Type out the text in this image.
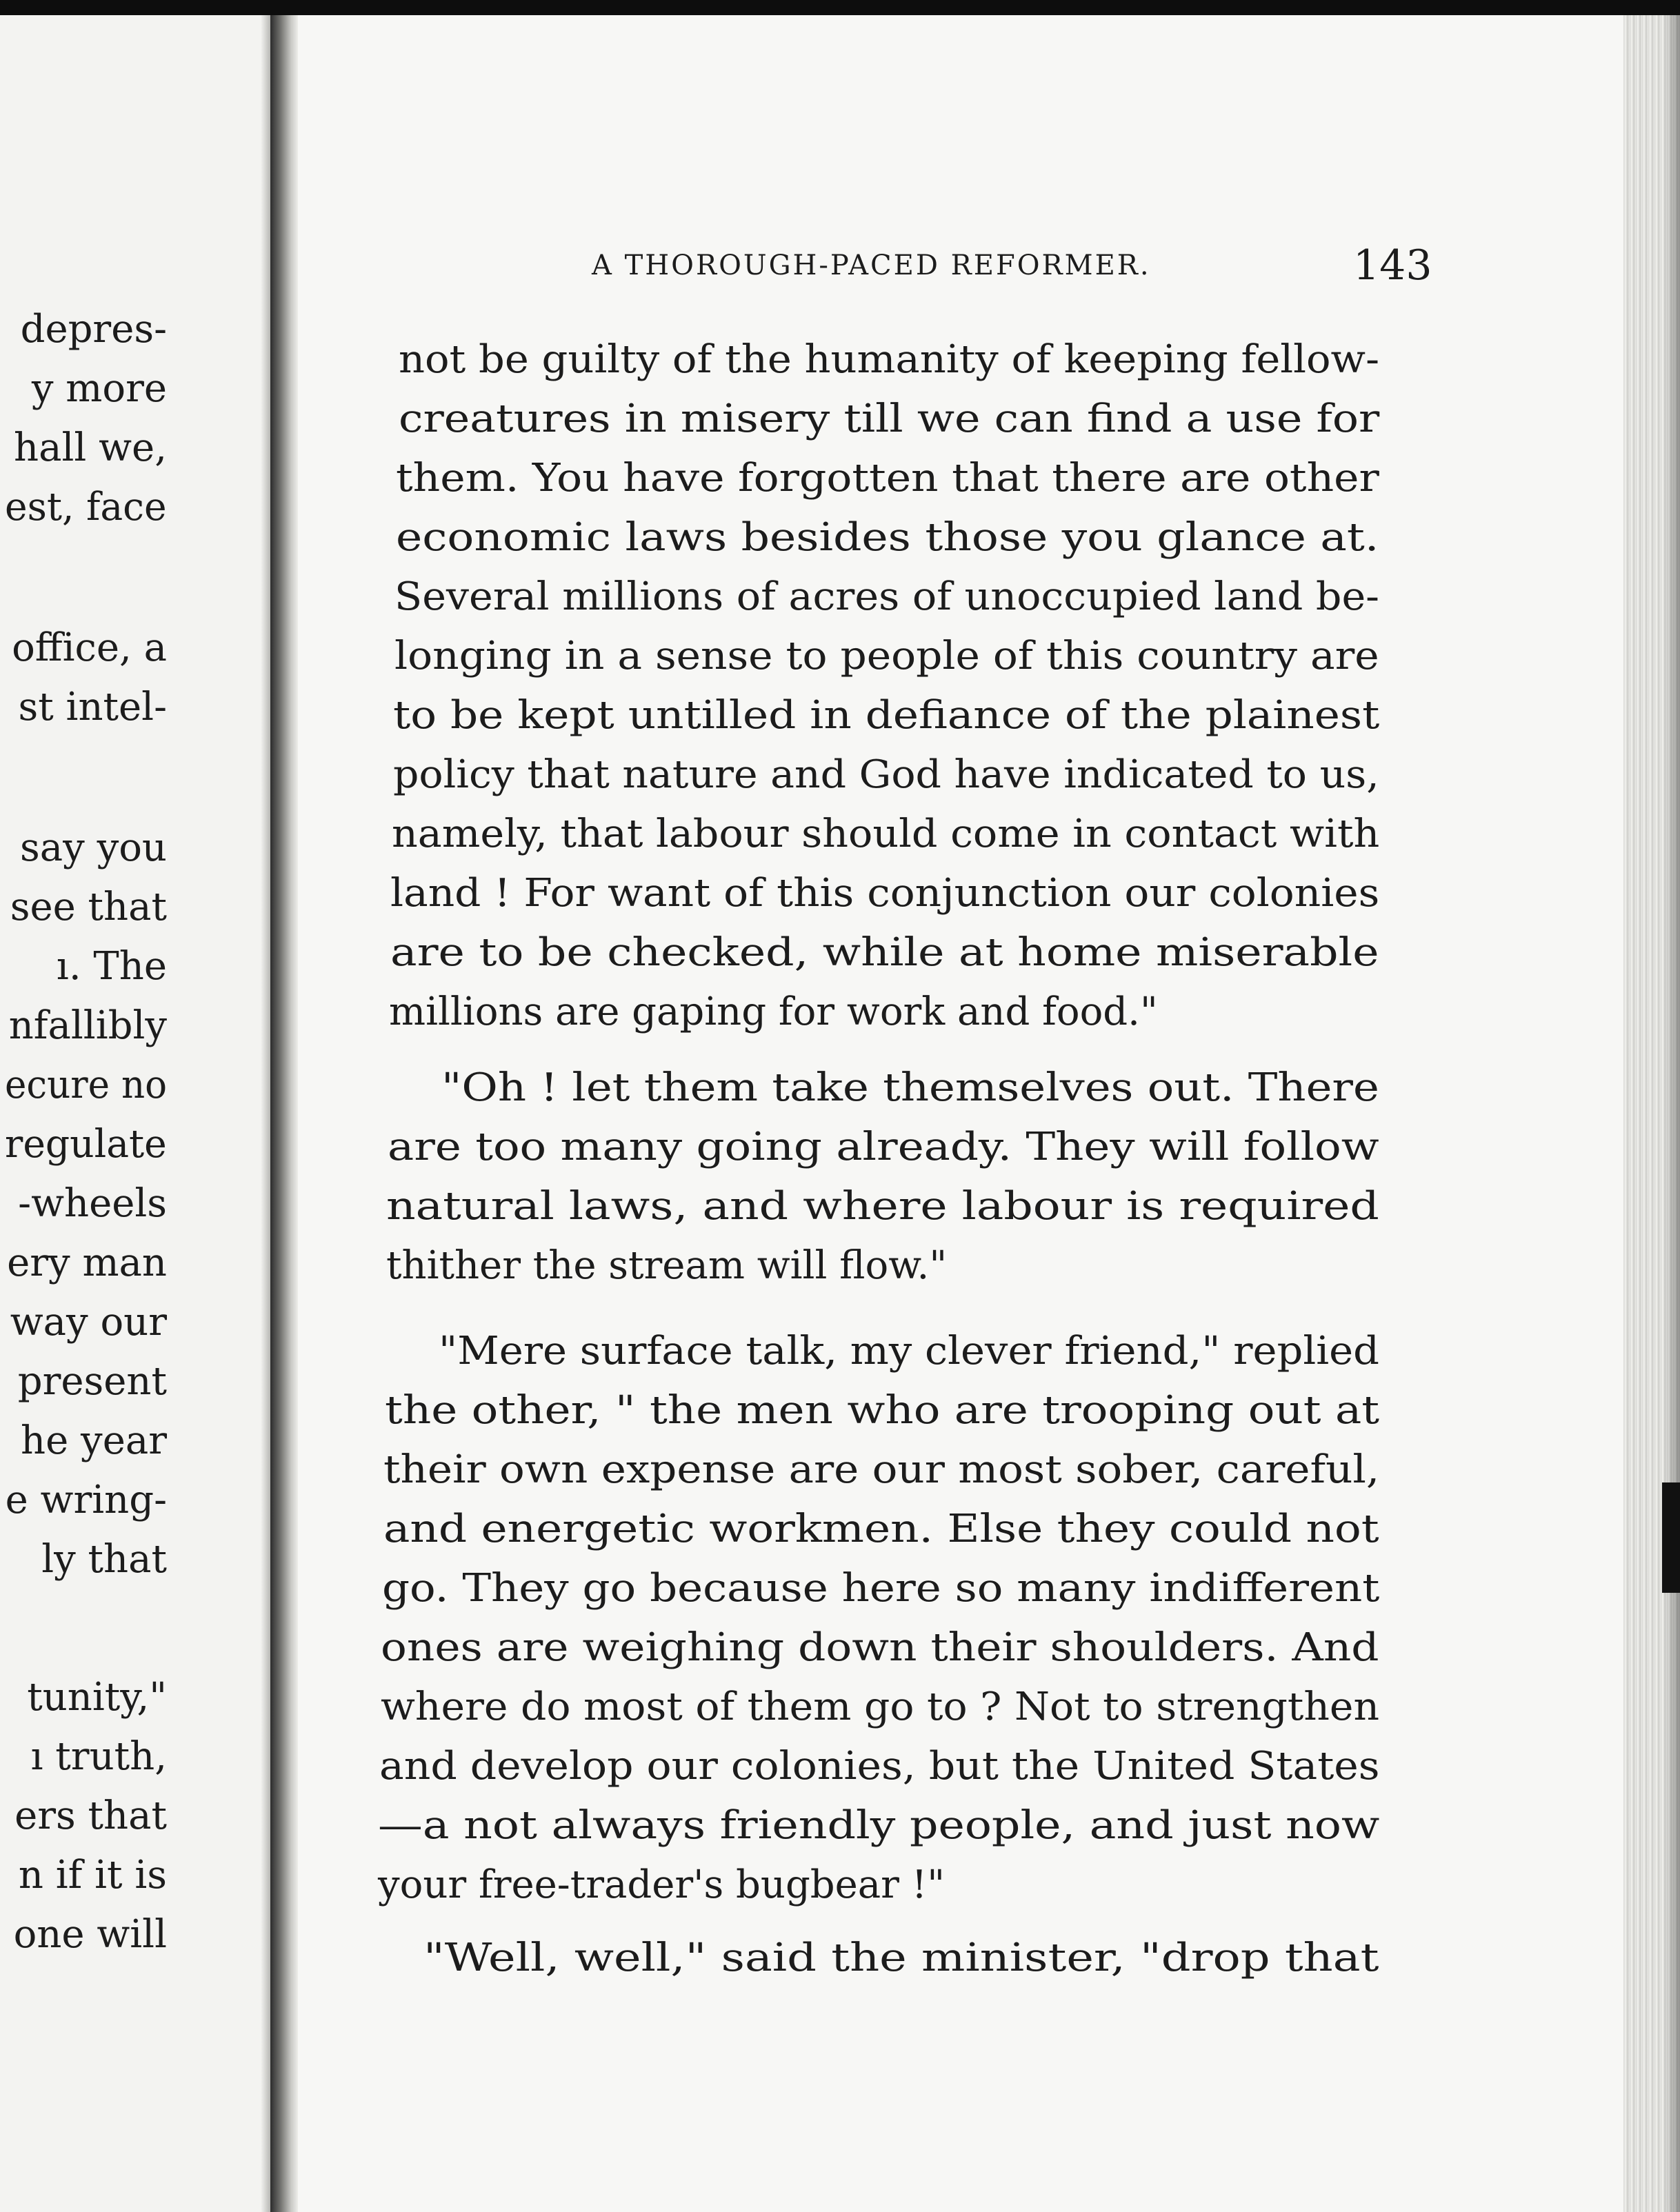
depres-
y more
hall we,
est, face
office, a
st intel-
say you
see that
ı. The
nfallibly
ecure no
regulate
-wheels
ery man
way our
present
he year
e wring-
ly that
tunity,"
ı truth,
ers that
n if it is
one will
A THOROUGH-PACED REFORMER.	143
not be guilty of the humanity of keeping fellow-
creatures in misery till we can find a use for
them. You have forgotten that there are other
economic laws besides those you glance at.
Several millions of acres of unoccupied land be-
longing in a sense to people of this country are
to be kept untilled in defiance of the plainest
policy that nature and God have indicated to us,
namely, that labour should come in contact with
land ! For want of this conjunction our colonies
are to be checked, while at home miserable
millions are gaping for work and food."
"Oh ! let them take themselves out. There
are too many going already. They will follow
natural laws, and where labour is required
thither the stream will flow."
"Mere surface talk, my clever friend," replied
the other, " the men who are trooping out at
their own expense are our most sober, careful,
and energetic workmen. Else they could not
go. They go because here so many indifferent
ones are weighing down their shoulders. And
where do most of them go to ? Not to strengthen
and develop our colonies, but the United States
—a not always friendly people, and just now
your free-trader's bugbear !"
"Well, well," said the minister, "drop that
